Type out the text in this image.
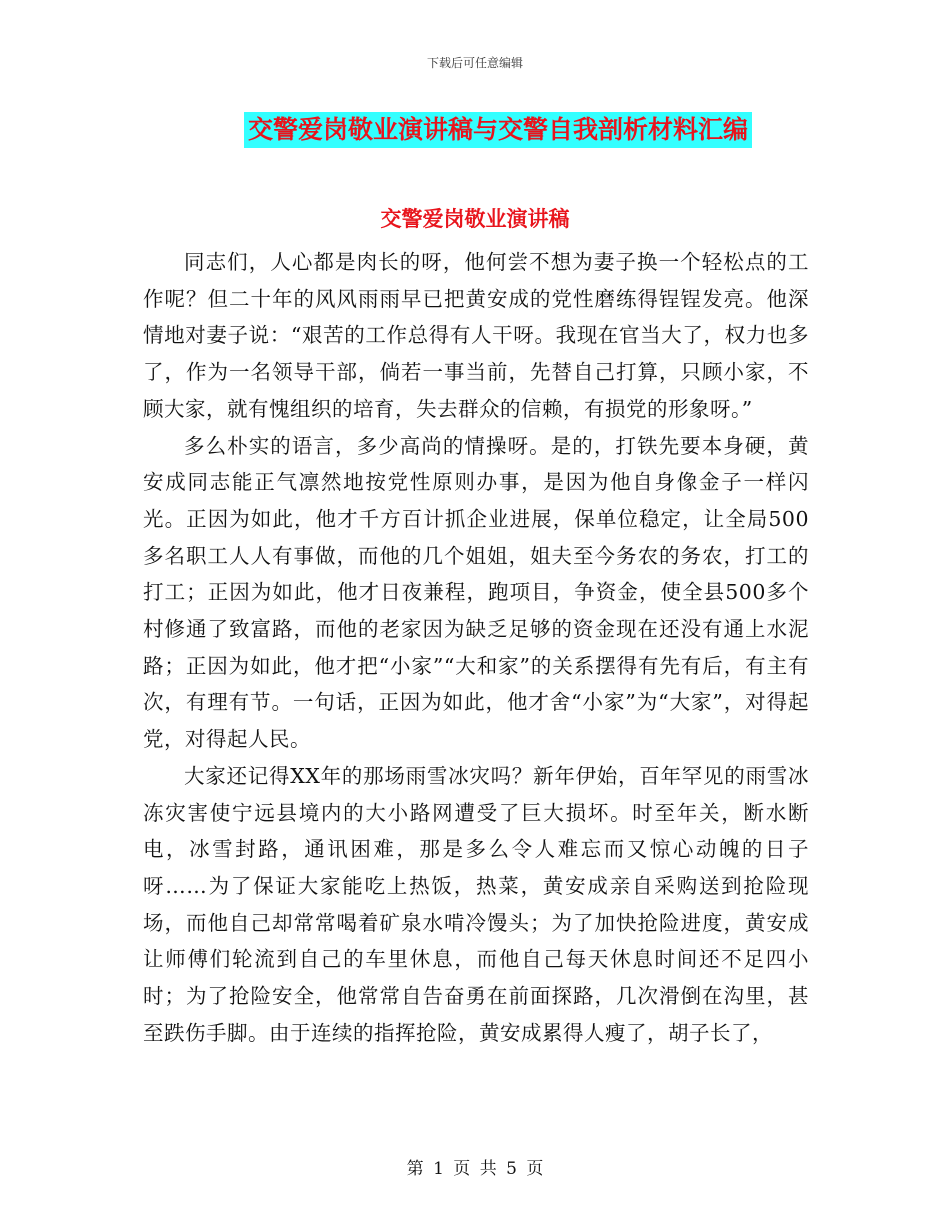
下载后可任意编辑
交警爱岗敬业演讲稿与交警自我剖析材料汇编
交警爱岗敬业演讲稿

同志们，人心都是肉长的呀，他何尝不想为妻子换一个轻松点的工作呢？但二十年的风风雨雨早已把黄安成的党性磨练得锃锃发亮。他深情地对妻子说：“艰苦的工作总得有人干呀。我现在官当大了，权力也多了，作为一名领导干部，倘若一事当前，先替自己打算，只顾小家，不顾大家，就有愧组织的培育，失去群众的信赖，有损党的形象呀。”

多么朴实的语言，多少高尚的情操呀。是的，打铁先要本身硬，黄安成同志能正气凛然地按党性原则办事，是因为他自身像金子一样闪光。正因为如此，他才千方百计抓企业进展，保单位稳定，让全局500多名职工人人有事做，而他的几个姐姐，姐夫至今务农的务农，打工的打工；正因为如此，他才日夜兼程，跑项目，争资金，使全县500多个村修通了致富路，而他的老家因为缺乏足够的资金现在还没有通上水泥路；正因为如此，他才把“小家”“大和家”的关系摆得有先有后，有主有次，有理有节。一句话，正因为如此，他才舍“小家”为“大家”，对得起党，对得起人民。

大家还记得XX年的那场雨雪冰灾吗？新年伊始，百年罕见的雨雪冰冻灾害使宁远县境内的大小路网遭受了巨大损坏。时至年关，断水断电，冰雪封路，通讯困难，那是多么令人难忘而又惊心动魄的日子呀……为了保证大家能吃上热饭，热菜，黄安成亲自采购送到抢险现场，而他自己却常常喝着矿泉水啃冷馒头；为了加快抢险进度，黄安成让师傅们轮流到自己的车里休息，而他自己每天休息时间还不足四小时；为了抢险安全，他常常自告奋勇在前面探路，几次滑倒在沟里，甚至跌伤手脚。由于连续的指挥抢险，黄安成累得人瘦了，胡子长了，

第 1 页 共 5 页
